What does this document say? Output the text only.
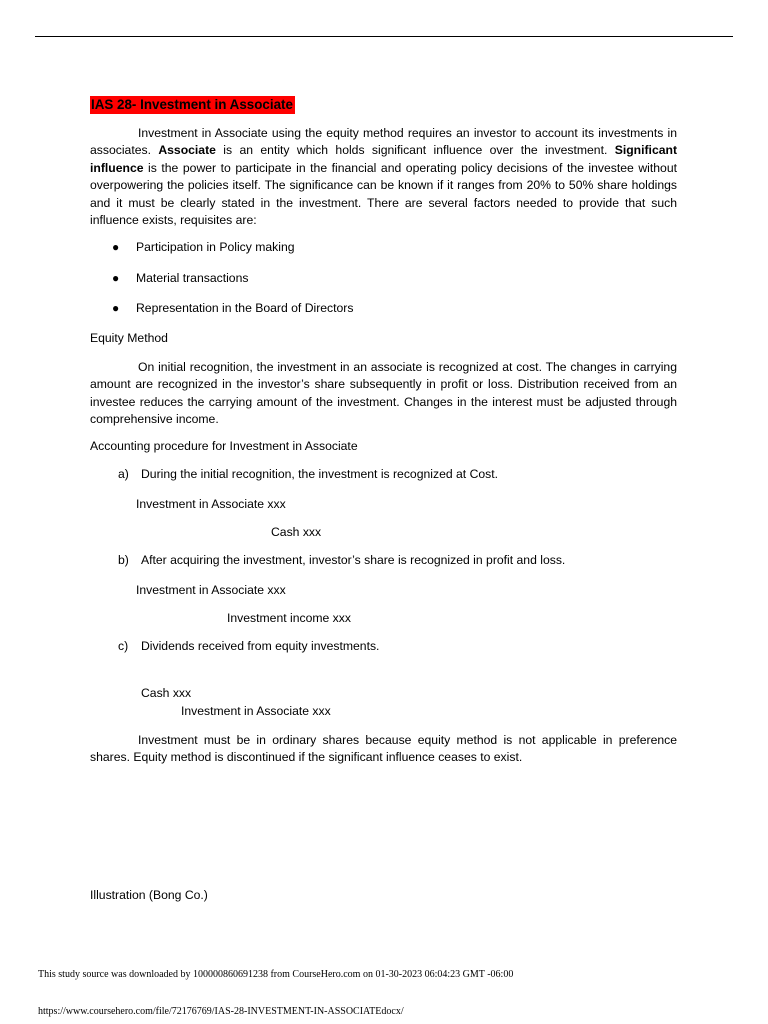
IAS 28- Investment in Associate

Investment in Associate using the equity method requires an investor to account its investments in associates. Associate is an entity which holds significant influence over the investment. Significant influence is the power to participate in the financial and operating policy decisions of the investee without overpowering the policies itself. The significance can be known if it ranges from 20% to 50% share holdings and it must be clearly stated in the investment. There are several factors needed to provide that such influence exists, requisites are:

● Participation in Policy making
● Material transactions
● Representation in the Board of Directors
Equity Method

On initial recognition, the investment in an associate is recognized at cost. The changes in carrying amount are recognized in the investor’s share subsequently in profit or loss. Distribution received from an investee reduces the carrying amount of the investment. Changes in the interest must be adjusted through comprehensive income.

Accounting procedure for Investment in Associate
a) During the initial recognition, the investment is recognized at Cost.
Investment in Associate xxx
Cash xxx
b) After acquiring the investment, investor’s share is recognized in profit and loss.
Investment in Associate xxx
Investment income xxx
c) Dividends received from equity investments.
Cash xxx
Investment in Associate xxx

Investment must be in ordinary shares because equity method is not applicable in preference shares. Equity method is discontinued if the significant influence ceases to exist.

Illustration (Bong Co.)
This study source was downloaded by 100000860691238 from CourseHero.com on 01-30-2023 06:04:23 GMT -06:00
https://www.coursehero.com/file/72176769/IAS-28-INVESTMENT-IN-ASSOCIATEdocx/
